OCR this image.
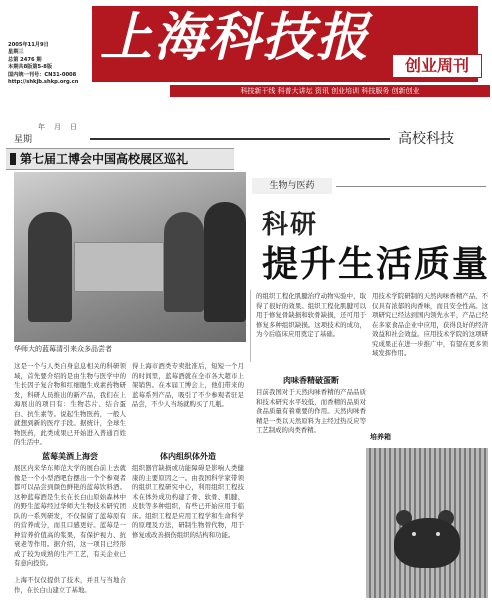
2005年11月9日
星期三
总第 2476 期
本期共8版第5-8版
国内统一刊号：CN31-0008
http://shkjb.shkp.org.cn
上海科技报	创业周刊
科技新干线 科普大讲坛 资讯 创业培训 科技服务 创新创业
年 月 日
星期	高校科技
第七届工博会中国高校展区巡礼
华师大的蓝莓清引来众多品尝者
生物与医药
科研
提升生活质量
这是一个与人类自身息息相关的科研领域，首先要介绍的是由生物与医学中的生长因子复合物和红细胞生成素药物研发，科研人员推出的新产品，我们在上海展出的项目有：生物芯片、结合蛋白、抗生素等。说起生物医药，一般人就想到新的医疗手段。据统计，全球生物医药，此类成果已开始进入普通百姓的生活中。
蓝莓美酒上海尝
展区内来华东师范大学的展台前上去就像是一个小型酒吧台摆出一个个参观者都可以品尝到颜色鲜艳的蓝莓饮料酒。这种蓝莓酒是生长在长白山原始森林中的野生蓝莓经过华师大生物技术研究团队的一系列研发，不仅保留了蓝莓原有的营养成分，而且口感更好。蓝莓是一种营养价值高的浆果，有保护视力、抗衰老等作用。据介绍，这一项目已经形成了较为成熟的生产工艺，有关企业已有意向投资。
上海不仅仅提供了技术，并且与当地合作，在长白山建立了基地。
得上海市酒类专卖批准后，短短一个月的时间里，蓝莓酒就在全市各大超市上架销售。在本届工博会上，他们带来的蓝莓系列产品，吸引了不少参观者驻足品尝，不少人当场就购买了几瓶。
体内组织体外造
组织器官缺损或功能障碍是影响人类健康的主要原因之一。由我国科学家带领的组织工程研究中心，利用组织工程技术在体外成功构建了骨、软骨、肌腱、皮肤等多种组织，有些已开始应用于临床。组织工程是应用工程学和生命科学的原理及方法，研制生物替代物，用于修复或改善损伤组织的结构和功能。
的组织工程化肌腱治疗动物实验中，取得了很好的效果。组织工程化肌腱可以用于修复骨缺损和软骨缺损，还可用于修复多种组织缺损。这项技术的成功，为今后临床应用奠定了基础。
肉味香精破蛋断
目前我国对于天然肉味香精的产品品质和技术研究水平较低，而香精的品质对食品质量有着重要的作用。天然肉味香精是一类以天然原料为主经过热反应等工艺制成的肉类香精。
用技术学院研制的天然肉味香精产品，不仅具有浓郁的肉香味，而且安全性高。这项研究已经达到国内领先水平，产品已经在多家食品企业中应用，获得良好的经济效益和社会效益。应用技术学院的这项研究成果正在进一步推广中，有望在更多领域发挥作用。
培养箱
